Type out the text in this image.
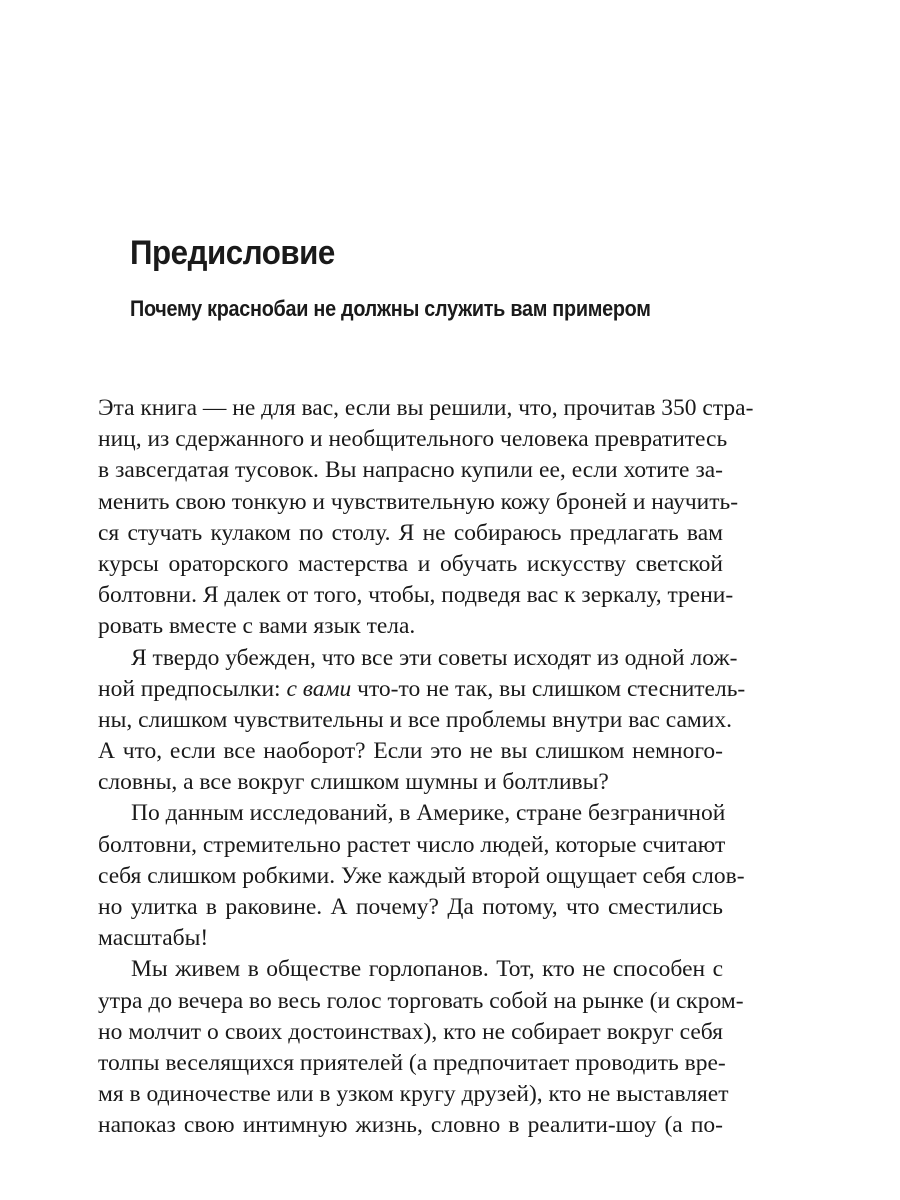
Предисловие
Почему краснобаи не должны служить вам примером
Эта книга — не для вас, если вы решили, что, прочитав 350 стра-
ниц, из сдержанного и необщительного человека превратитесь
в завсегдатая тусовок. Вы напрасно купили ее, если хотите за-
менить свою тонкую и чувствительную кожу броней и научить-
ся стучать кулаком по столу. Я не собираюсь предлагать вам
курсы ораторского мастерства и обучать искусству светской
болтовни. Я далек от того, чтобы, подведя вас к зеркалу, трени-
ровать вместе с вами язык тела.
Я твердо убежден, что все эти советы исходят из одной лож-
ной предпосылки: с вами что-то не так, вы слишком стеснитель-
ны, слишком чувствительны и все проблемы внутри вас самих.
А что, если все наоборот? Если это не вы слишком немного-
словны, а все вокруг слишком шумны и болтливы?
По данным исследований, в Америке, стране безграничной
болтовни, стремительно растет число людей, которые считают
себя слишком робкими. Уже каждый второй ощущает себя слов-
но улитка в раковине. А почему? Да потому, что сместились
масштабы!
Мы живем в обществе горлопанов. Тот, кто не способен с
утра до вечера во весь голос торговать собой на рынке (и скром-
но молчит о своих достоинствах), кто не собирает вокруг себя
толпы веселящихся приятелей (а предпочитает проводить вре-
мя в одиночестве или в узком кругу друзей), кто не выставляет
напоказ свою интимную жизнь, словно в реалити-шоу (а по-
